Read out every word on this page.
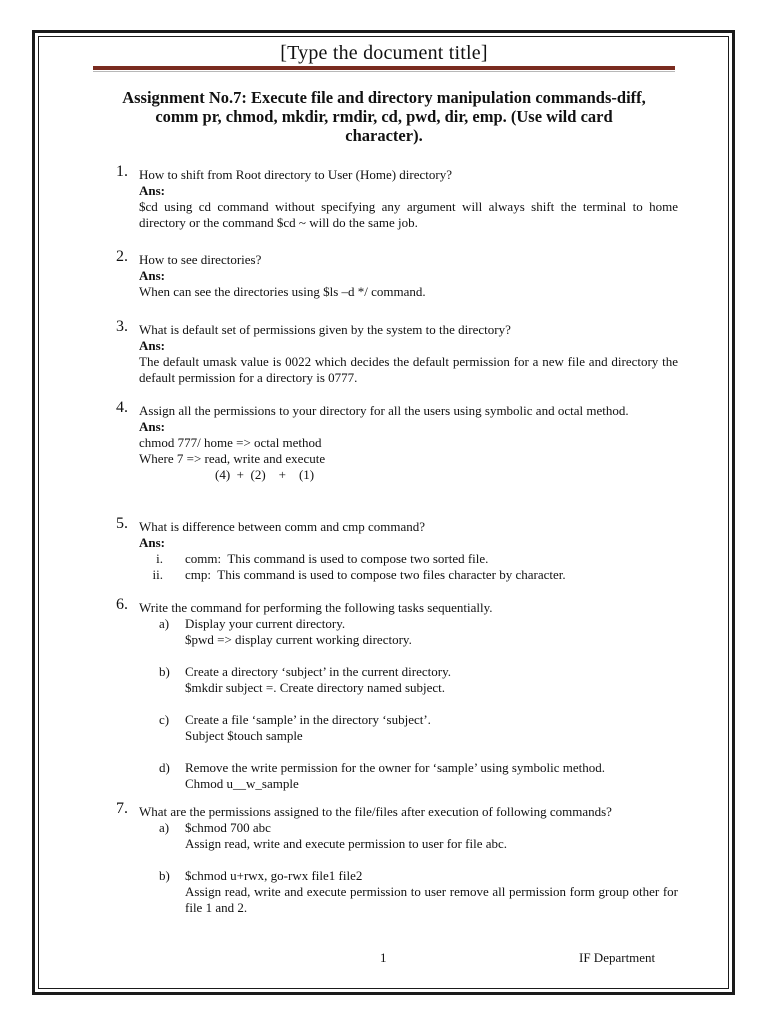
[Type the document title]
Assignment No.7: Execute file and directory manipulation commands-diff,
comm pr, chmod, mkdir, rmdir, cd, pwd, dir, emp. (Use wild card
character).
1. How to shift from Root directory to User (Home) directory?
Ans:
$cd using cd command without specifying any argument will always shift the terminal to home directory or the command $cd ~ will do the same job.
2. How to see directories?
Ans:
When can see the directories using $ls –d */ command.
3. What is default set of permissions given by the system to the directory?
Ans:
The default umask value is 0022 which decides the default permission for a new file and directory the default permission for a directory is 0777.
4. Assign all the permissions to your directory for all the users using symbolic and octal method.
Ans:
chmod 777/ home => octal method
Where 7 => read, write and execute
(4)  +  (2)    +    (1)
5. What is difference between comm and cmp command?
Ans:
i. comm:  This command is used to compose two sorted file.
ii. cmp:  This command is used to compose two files character by character.
6. Write the command for performing the following tasks sequentially.
a) Display your current directory.
$pwd => display current working directory.
b) Create a directory ‘subject’ in the current directory.
$mkdir subject =. Create directory named subject.
c) Create a file ‘sample’ in the directory ‘subject’.
Subject $touch sample
d) Remove the write permission for the owner for ‘sample’ using symbolic method.
Chmod u__w_sample
7. What are the permissions assigned to the file/files after execution of following commands?
a) $chmod 700 abc
Assign read, write and execute permission to user for file abc.
b) $chmod u+rwx, go-rwx file1 file2
Assign read, write and execute permission to user remove all permission form group other for file 1 and 2.
1	IF Department
